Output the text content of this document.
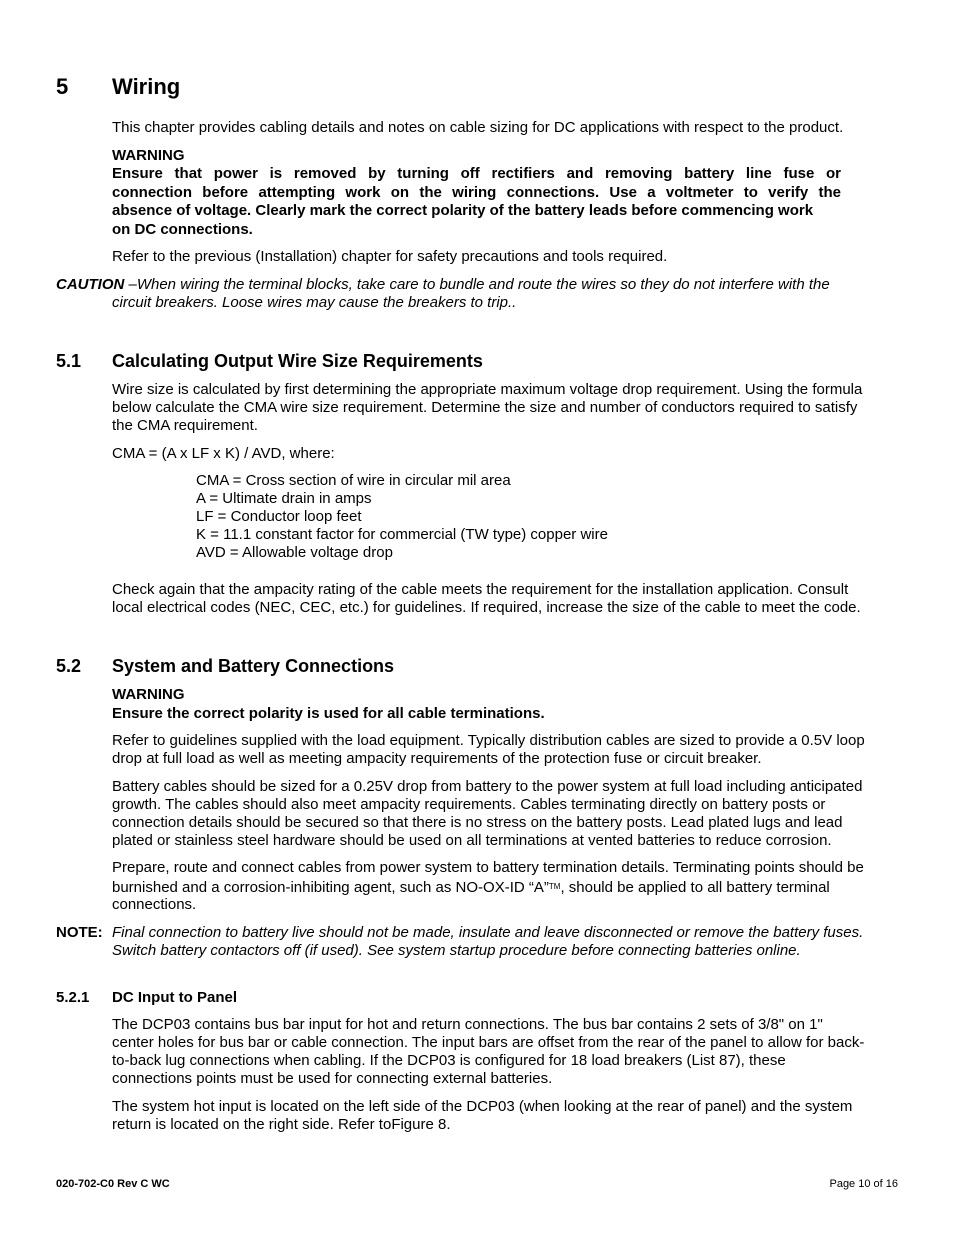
5 Wiring
This chapter provides cabling details and notes on cable sizing for DC applications with respect to the product.
WARNING
Ensure that power is removed by turning off rectifiers and removing battery line fuse or
connection before attempting work on the wiring connections. Use a voltmeter to verify the
absence of voltage. Clearly mark the correct polarity of the battery leads before commencing work
on DC connections.
Refer to the previous (Installation) chapter for safety precautions and tools required.
CAUTION –When wiring the terminal blocks, take care to bundle and route the wires so they do not interfere with the
circuit breakers. Loose wires may cause the breakers to trip..
5.1 Calculating Output Wire Size Requirements
Wire size is calculated by first determining the appropriate maximum voltage drop requirement. Using the formula
below calculate the CMA wire size requirement. Determine the size and number of conductors required to satisfy
the CMA requirement.
CMA = (A x LF x K) / AVD, where:
CMA = Cross section of wire in circular mil area
A = Ultimate drain in amps
LF = Conductor loop feet
K = 11.1 constant factor for commercial (TW type) copper wire
AVD = Allowable voltage drop
Check again that the ampacity rating of the cable meets the requirement for the installation application. Consult
local electrical codes (NEC, CEC, etc.) for guidelines. If required, increase the size of the cable to meet the code.
5.2 System and Battery Connections
WARNING
Ensure the correct polarity is used for all cable terminations.
Refer to guidelines supplied with the load equipment. Typically distribution cables are sized to provide a 0.5V loop
drop at full load as well as meeting ampacity requirements of the protection fuse or circuit breaker.
Battery cables should be sized for a 0.25V drop from battery to the power system at full load including anticipated
growth. The cables should also meet ampacity requirements. Cables terminating directly on battery posts or
connection details should be secured so that there is no stress on the battery posts. Lead plated lugs and lead
plated or stainless steel hardware should be used on all terminations at vented batteries to reduce corrosion.
Prepare, route and connect cables from power system to battery termination details. Terminating points should be
burnished and a corrosion-inhibiting agent, such as NO-OX-ID “A”™, should be applied to all battery terminal
connections.
NOTE: Final connection to battery live should not be made, insulate and leave disconnected or remove the battery fuses.
Switch battery contactors off (if used). See system startup procedure before connecting batteries online.
5.2.1 DC Input to Panel
The DCP03 contains bus bar input for hot and return connections. The bus bar contains 2 sets of 3/8" on 1"
center holes for bus bar or cable connection. The input bars are offset from the rear of the panel to allow for back-
to-back lug connections when cabling. If the DCP03 is configured for 18 load breakers (List 87), these
connections points must be used for connecting external batteries.
The system hot input is located on the left side of the DCP03 (when looking at the rear of panel) and the system
return is located on the right side. Refer toFigure 8.
020-702-C0 Rev C WC	Page 10 of 16
